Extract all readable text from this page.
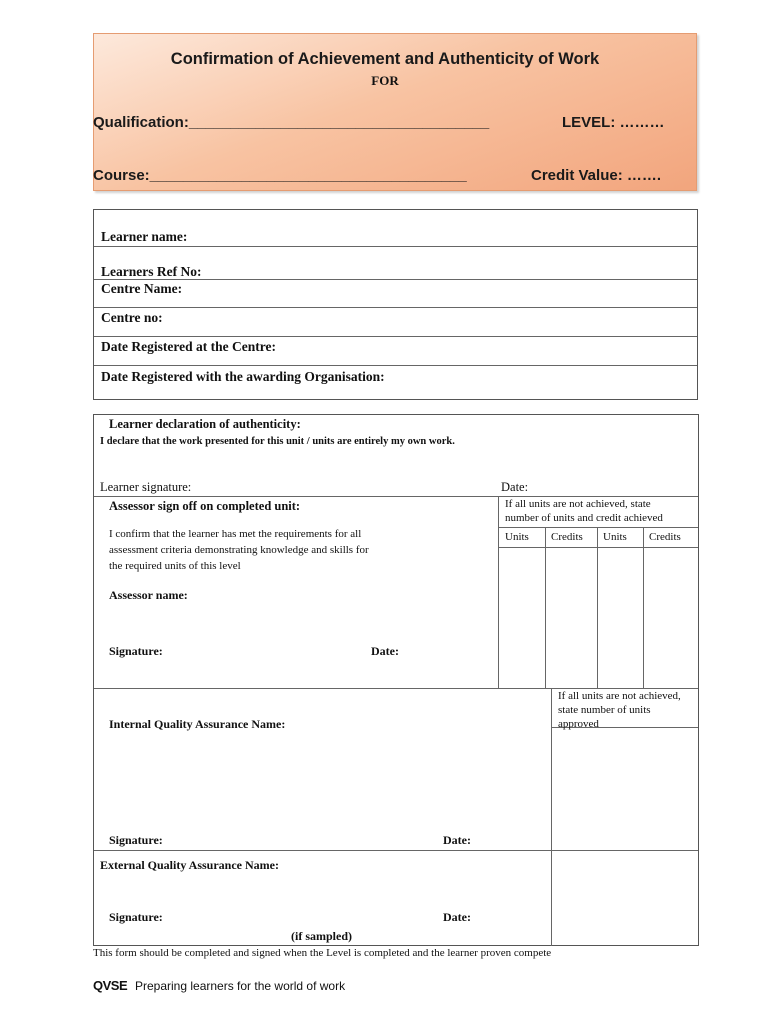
Confirmation of Achievement and Authenticity of Work
FOR
Qualification:____________________________________	LEVEL: ………
Course:______________________________________	Credit Value: …….
Learner name:
Learners Ref No:
Centre Name:
Centre no:
Date Registered at the Centre:
Date Registered with the awarding Organisation:
Learner declaration of authenticity:
I declare that the work presented for this unit / units are entirely my own work.
Learner signature:	Date:
Assessor sign off on completed unit:	If all units are not achieved, state
number of units and credit achieved
I confirm that the learner has met the requirements for all
assessment criteria demonstrating knowledge and skills for
the required units of this level
Units Credits Units Credits
Assessor name:
Signature:	Date:
If all units are not achieved,
state number of units
approved
Internal Quality Assurance Name:
Signature:	Date:
External Quality Assurance Name:
Signature:	Date:
(if sampled)
This form should be completed and signed when the Level is completed and the learner proven compete
QVSE Preparing learners for the world of work
